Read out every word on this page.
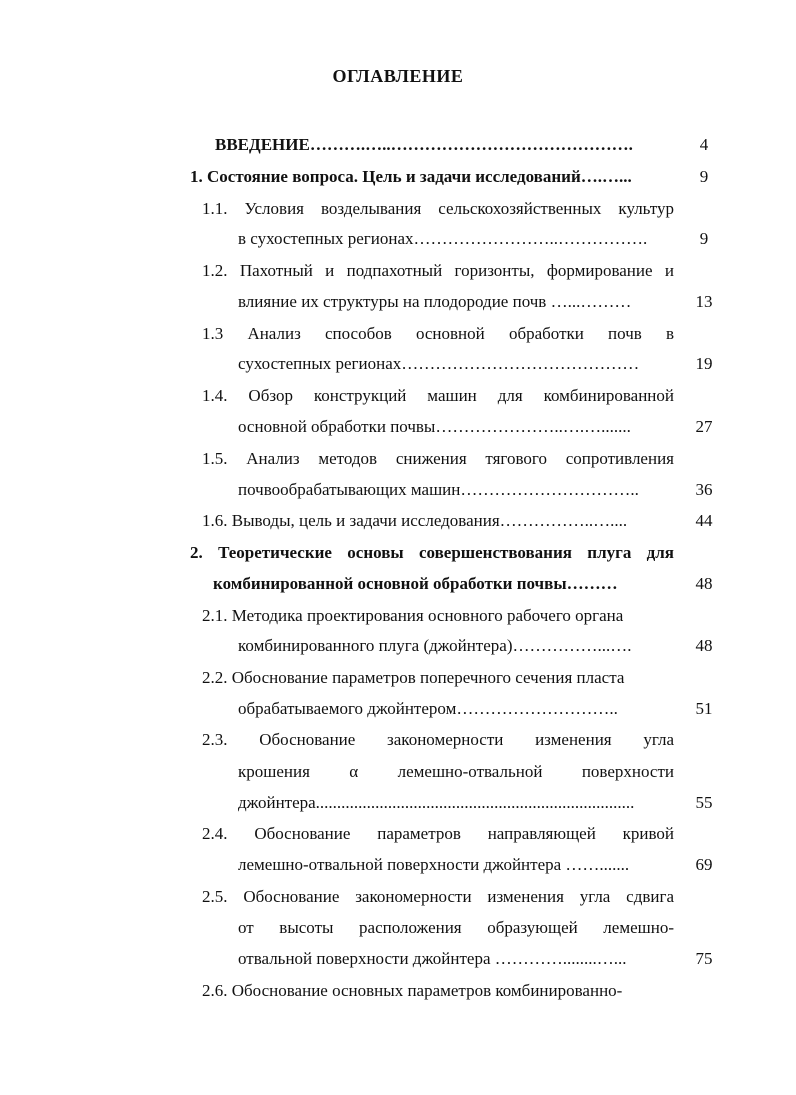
ОГЛАВЛЕНИЕ
ВВЕДЕНИЕ……….…..…………………………………….	4
1. Состояние вопроса. Цель и задачи исследований….…...	9
1.1. Условия возделывания сельскохозяйственных культур
в сухостепных регионах……………………..…………….	9
1.2. Пахотный и подпахотный горизонты, формирование и
влияние их структуры на плодородие почв …...………	13
1.3 Анализ способов основной обработки почв в
сухостепных регионах……………………………………	19
1.4. Обзор конструкций машин для комбинированной
основной обработки почвы…………………..….….......	27
1.5. Анализ методов снижения тягового сопротивления
почвообрабатывающих машин…………………………..	36
1.6. Выводы, цель и задачи исследования……………..…....	44
2. Теоретические основы совершенствования плуга для
комбинированной основной обработки почвы………	48
2.1. Методика проектирования основного рабочего органа
комбинированного плуга (джойнтера)……………...….	48
2.2. Обоснование параметров поперечного сечения пласта
обрабатываемого джойнтером………………………..	51
2.3. Обоснование закономерности изменения угла
крошения α лемешно-отвальной поверхности
джойнтера...........................................................................	55
2.4. Обоснование параметров направляющей кривой
лемешно-отвальной поверхности джойнтера …….......	69
2.5. Обоснование закономерности изменения угла сдвига
от высоты расположения образующей лемешно-
отвальной поверхности джойнтера …………........…...	75
2.6. Обоснование основных параметров комбинированно-
